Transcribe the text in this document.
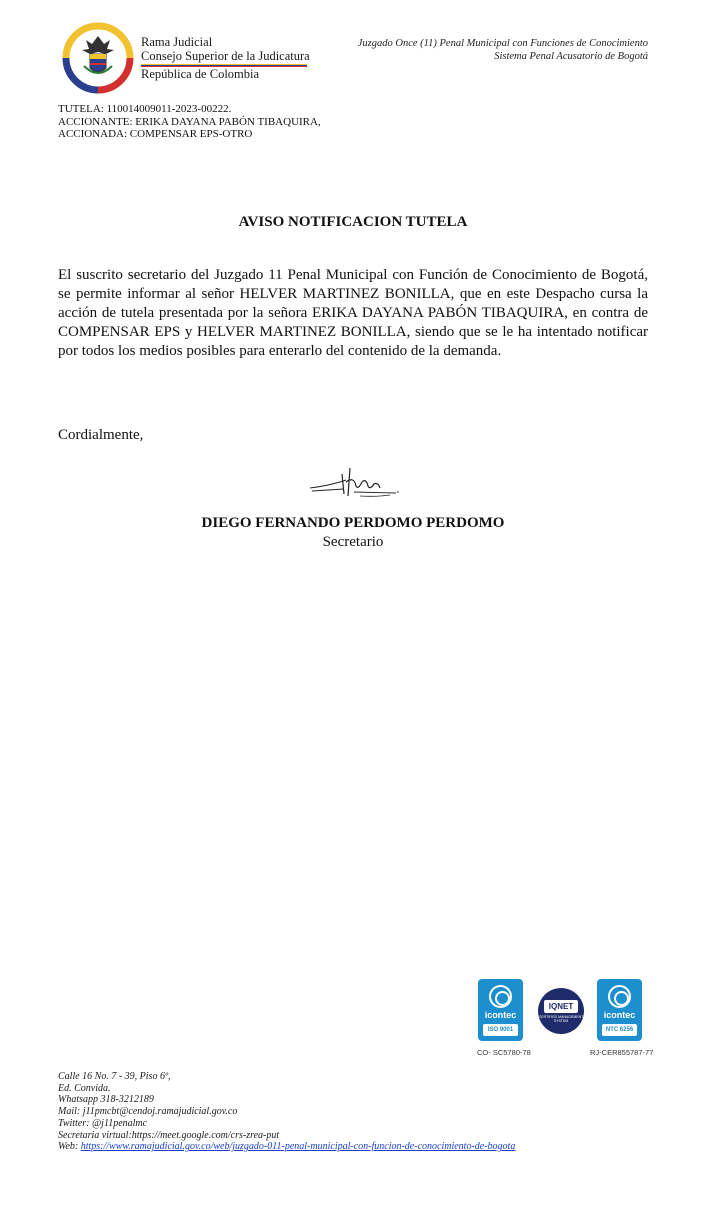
Rama Judicial
Consejo Superior de la Judicatura
República de Colombia
Juzgado Once (11) Penal Municipal con Funciones de Conocimiento
Sistema Penal Acusatorio de Bogotá
TUTELA: 110014009011-2023-00222.
ACCIONANTE: ERIKA DAYANA PABÓN TIBAQUIRA,
ACCIONADA: COMPENSAR EPS-OTRO
AVISO NOTIFICACION TUTELA

El suscrito secretario del Juzgado 11 Penal Municipal con Función de Conocimiento de Bogotá, se permite informar al señor HELVER MARTINEZ BONILLA, que en este Despacho cursa la acción de tutela presentada por la señora ERIKA DAYANA PABÓN TIBAQUIRA, en contra de COMPENSAR EPS y HELVER MARTINEZ BONILLA, siendo que se le ha intentado notificar por todos los medios posibles para enterarlo del contenido de la demanda.

Cordialmente,
DIEGO FERNANDO PERDOMO PERDOMO
Secretario
icontec
ISO 9001
IQNET
CERTIFIED MANAGEMENT SYSTEM
icontec
NTC 6256
CO- SC5780-78	RJ-CER855787-77
Calle 16 No. 7 - 39, Piso 6º,
Ed. Convida.
Whatsapp 318-3212189
Mail: j11pmcbt@cendoj.ramajudicial.gov.co
Twitter: @j11penalmc
Secretaria virtual:https://meet.google.com/crs-zrea-put
Web: https://www.ramajudicial.gov.co/web/juzgado-011-penal-municipal-con-funcion-de-conocimiento-de-bogota
